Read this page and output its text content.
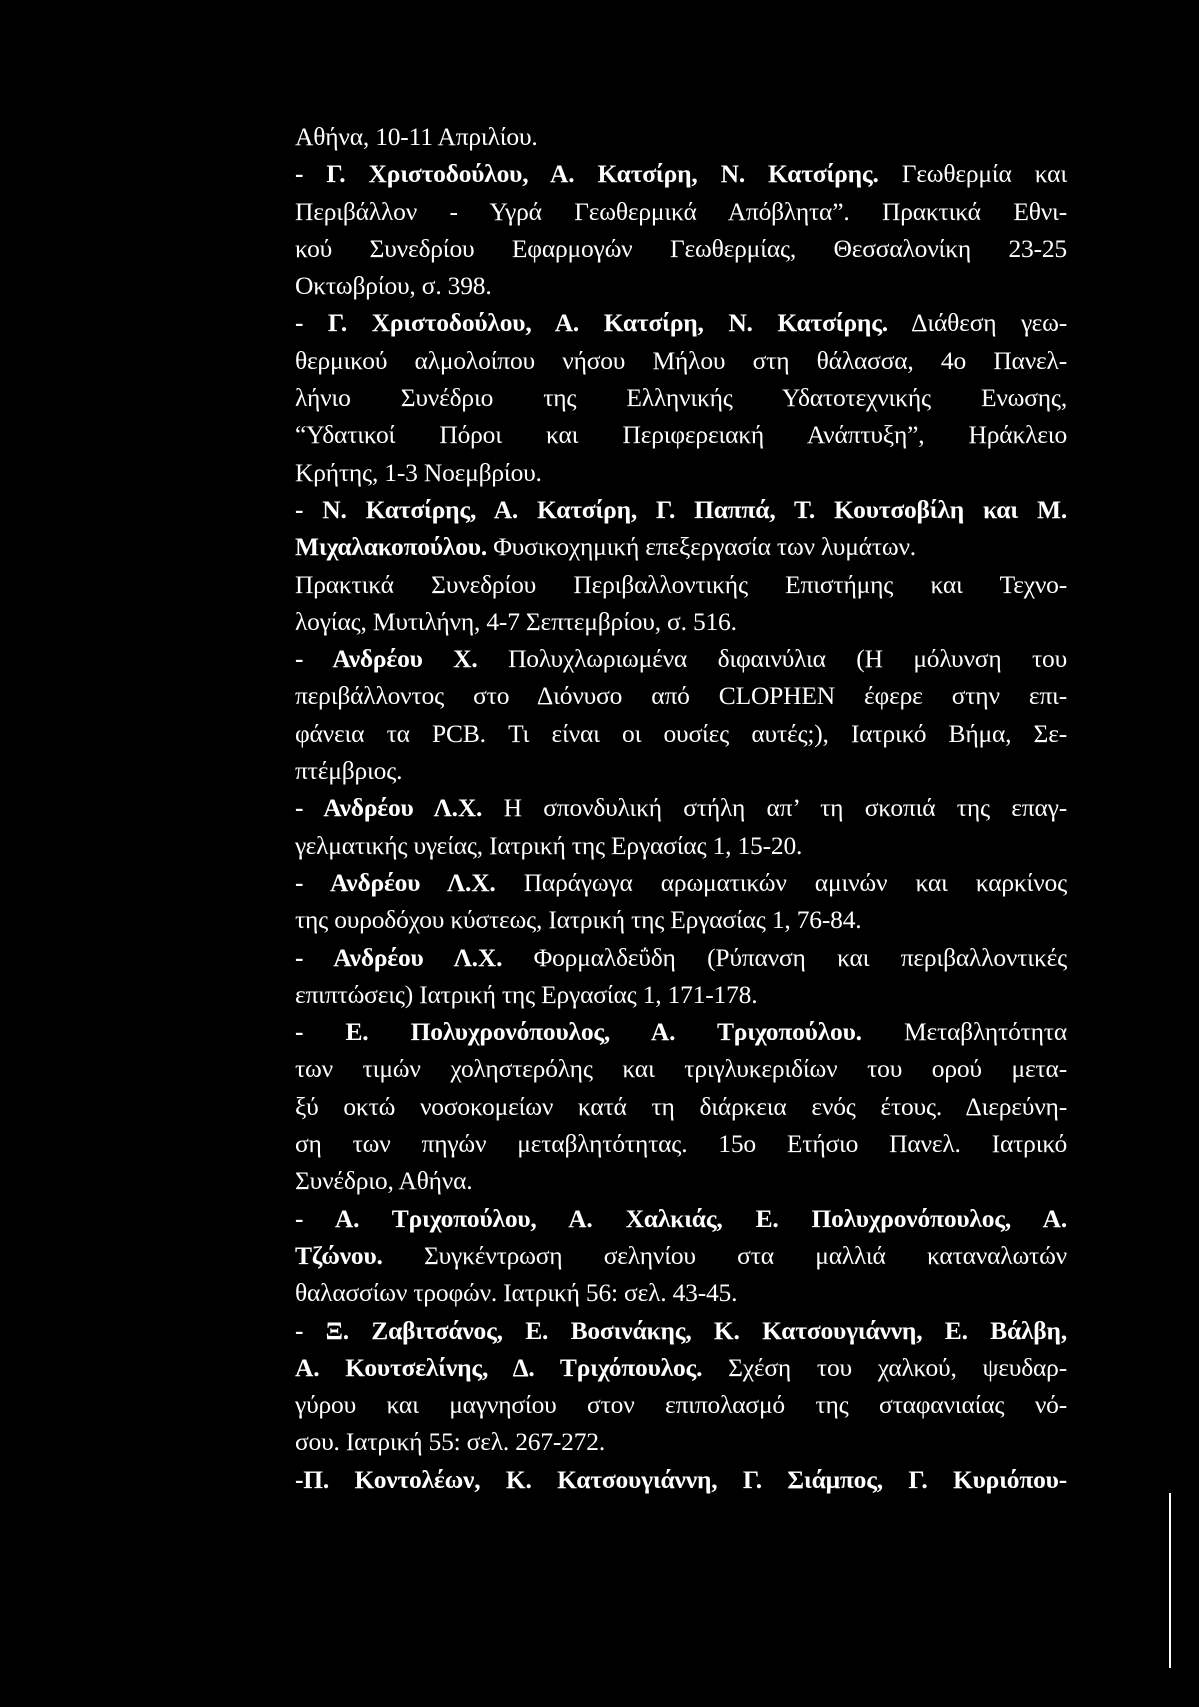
Αθήνα, 10-11 Απριλίου.
- Γ. Χριστοδούλου, Α. Κατσίρη, Ν. Κατσίρης. Γεωθερμία και
Περιβάλλον - Υγρά Γεωθερμικά Απόβλητα”. Πρακτικά Εθνι-
κού Συνεδρίου Εφαρμογών Γεωθερμίας, Θεσσαλονίκη 23-25
Οκτωβρίου, σ. 398.
- Γ. Χριστοδούλου, Α. Κατσίρη, Ν. Κατσίρης. Διάθεση γεω-
θερμικού αλμολοίπου νήσου Μήλου στη θάλασσα, 4ο Πανελ-
λήνιο Συνέδριο της Ελληνικής Υδατοτεχνικής Ενωσης,
“Υδατικοί Πόροι και Περιφερειακή Ανάπτυξη”, Ηράκλειο
Κρήτης, 1-3 Νοεμβρίου.
- Ν. Κατσίρης, Α. Κατσίρη, Γ. Παππά, Τ. Κουτσοβίλη και Μ.
Μιχαλακοπούλου. Φυσικοχημική επεξεργασία των λυμάτων.
Πρακτικά Συνεδρίου Περιβαλλοντικής Επιστήμης και Τεχνο-
λογίας, Μυτιλήνη, 4-7 Σεπτεμβρίου, σ. 516.
- Ανδρέου Χ. Πολυχλωριωμένα διφαινύλια (Η μόλυνση του
περιβάλλοντος στο Διόνυσο από CLOPHEN έφερε στην επι-
φάνεια τα PCB. Τι είναι οι ουσίες αυτές;), Ιατρικό Βήμα, Σε-
πτέμβριος.
- Ανδρέου Λ.Χ. Η σπονδυλική στήλη απ’ τη σκοπιά της επαγ-
γελματικής υγείας, Ιατρική της Εργασίας 1, 15-20.
- Ανδρέου Λ.Χ. Παράγωγα αρωματικών αμινών και καρκίνος
της ουροδόχου κύστεως, Ιατρική της Εργασίας 1, 76-84.
- Ανδρέου Λ.Χ. Φορμαλδεΰδη (Ρύπανση και περιβαλλοντικές
επιπτώσεις) Ιατρική της Εργασίας 1, 171-178.
- Ε. Πολυχρονόπουλος, Α. Τριχοπούλου. Μεταβλητότητα
των τιμών χοληστερόλης και τριγλυκεριδίων του ορού μετα-
ξύ οκτώ νοσοκομείων κατά τη διάρκεια ενός έτους. Διερεύνη-
ση των πηγών μεταβλητότητας. 15ο Ετήσιο Πανελ. Ιατρικό
Συνέδριο, Αθήνα.
- Α. Τριχοπούλου, Α. Χαλκιάς, Ε. Πολυχρονόπουλος, Α.
Τζώνου. Συγκέντρωση σεληνίου στα μαλλιά καταναλωτών
θαλασσίων τροφών. Ιατρική 56: σελ. 43-45.
- Ξ. Ζαβιτσάνος, Ε. Βοσινάκης, Κ. Κατσουγιάννη, Ε. Βάλβη,
Α. Κουτσελίνης, Δ. Τριχόπουλος. Σχέση του χαλκού, ψευδαρ-
γύρου και μαγνησίου στον επιπολασμό της σταφανιαίας νό-
σου. Ιατρική 55: σελ. 267-272.
-Π. Κοντολέων, Κ. Κατσουγιάννη, Γ. Σιάμπος, Γ. Κυριόπου-
